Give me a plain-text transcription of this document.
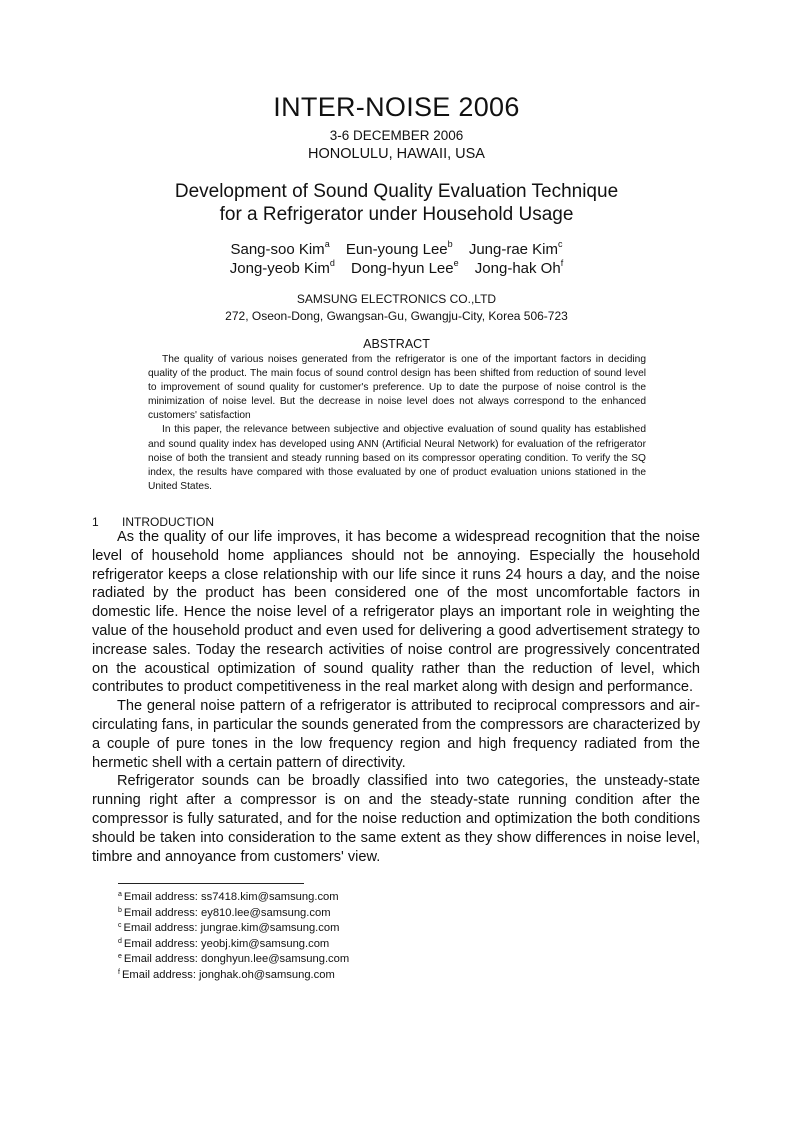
INTER-NOISE 2006
3-6 DECEMBER 2006
HONOLULU, HAWAII, USA
Development of Sound Quality Evaluation Technique
for a Refrigerator under Household Usage
Sang-soo Kim$^a$ Eun-young Lee$^b$ Jung-rae Kim$^c$
Jong-yeob Kim$^d$ Dong-hyun Lee$^e$ Jong-hak Oh$^f$
SAMSUNG ELECTRONICS CO.,LTD
272, Oseon-Dong, Gwangsan-Gu, Gwangju-City, Korea 506-723
ABSTRACT

The quality of various noises generated from the refrigerator is one of the important factors in deciding quality of the product. The main focus of sound control design has been shifted from reduction of sound level to improvement of sound quality for customer's preference. Up to date the purpose of noise control is the minimization of noise level. But the decrease in noise level does not always correspond to the enhanced customers' satisfaction

In this paper, the relevance between subjective and objective evaluation of sound quality has established and sound quality index has developed using ANN (Artificial Neural Network) for evaluation of the refrigerator noise of both the transient and steady running based on its compressor operating condition. To verify the SQ index, the results have compared with those evaluated by one of product evaluation unions stationed in the United States.

1 INTRODUCTION

As the quality of our life improves, it has become a widespread recognition that the noise level of household home appliances should not be annoying. Especially the household refrigerator keeps a close relationship with our life since it runs 24 hours a day, and the noise radiated by the product has been considered one of the most uncomfortable factors in domestic life. Hence the noise level of a refrigerator plays an important role in weighting the value of the household product and even used for delivering a good advertisement strategy to increase sales. Today the research activities of noise control are progressively concentrated on the acoustical optimization of sound quality rather than the reduction of level, which contributes to product competitiveness in the real market along with design and performance.

The general noise pattern of a refrigerator is attributed to reciprocal compressors and air-circulating fans, in particular the sounds generated from the compressors are characterized by a couple of pure tones in the low frequency region and high frequency radiated from the hermetic shell with a certain pattern of directivity.

Refrigerator sounds can be broadly classified into two categories, the unsteady-state running right after a compressor is on and the steady-state running condition after the compressor is fully saturated, and for the noise reduction and optimization the both conditions should be taken into consideration to the same extent as they show differences in noise level, timbre and annoyance from customers' view.

$^a$ Email address: ss7418.kim@samsung.com
$^b$ Email address: ey810.lee@samsung.com
$^c$ Email address: jungrae.kim@samsung.com
$^d$ Email address: yeobj.kim@samsung.com
$^e$ Email address: donghyun.lee@samsung.com
$^f$ Email address: jonghak.oh@samsung.com
